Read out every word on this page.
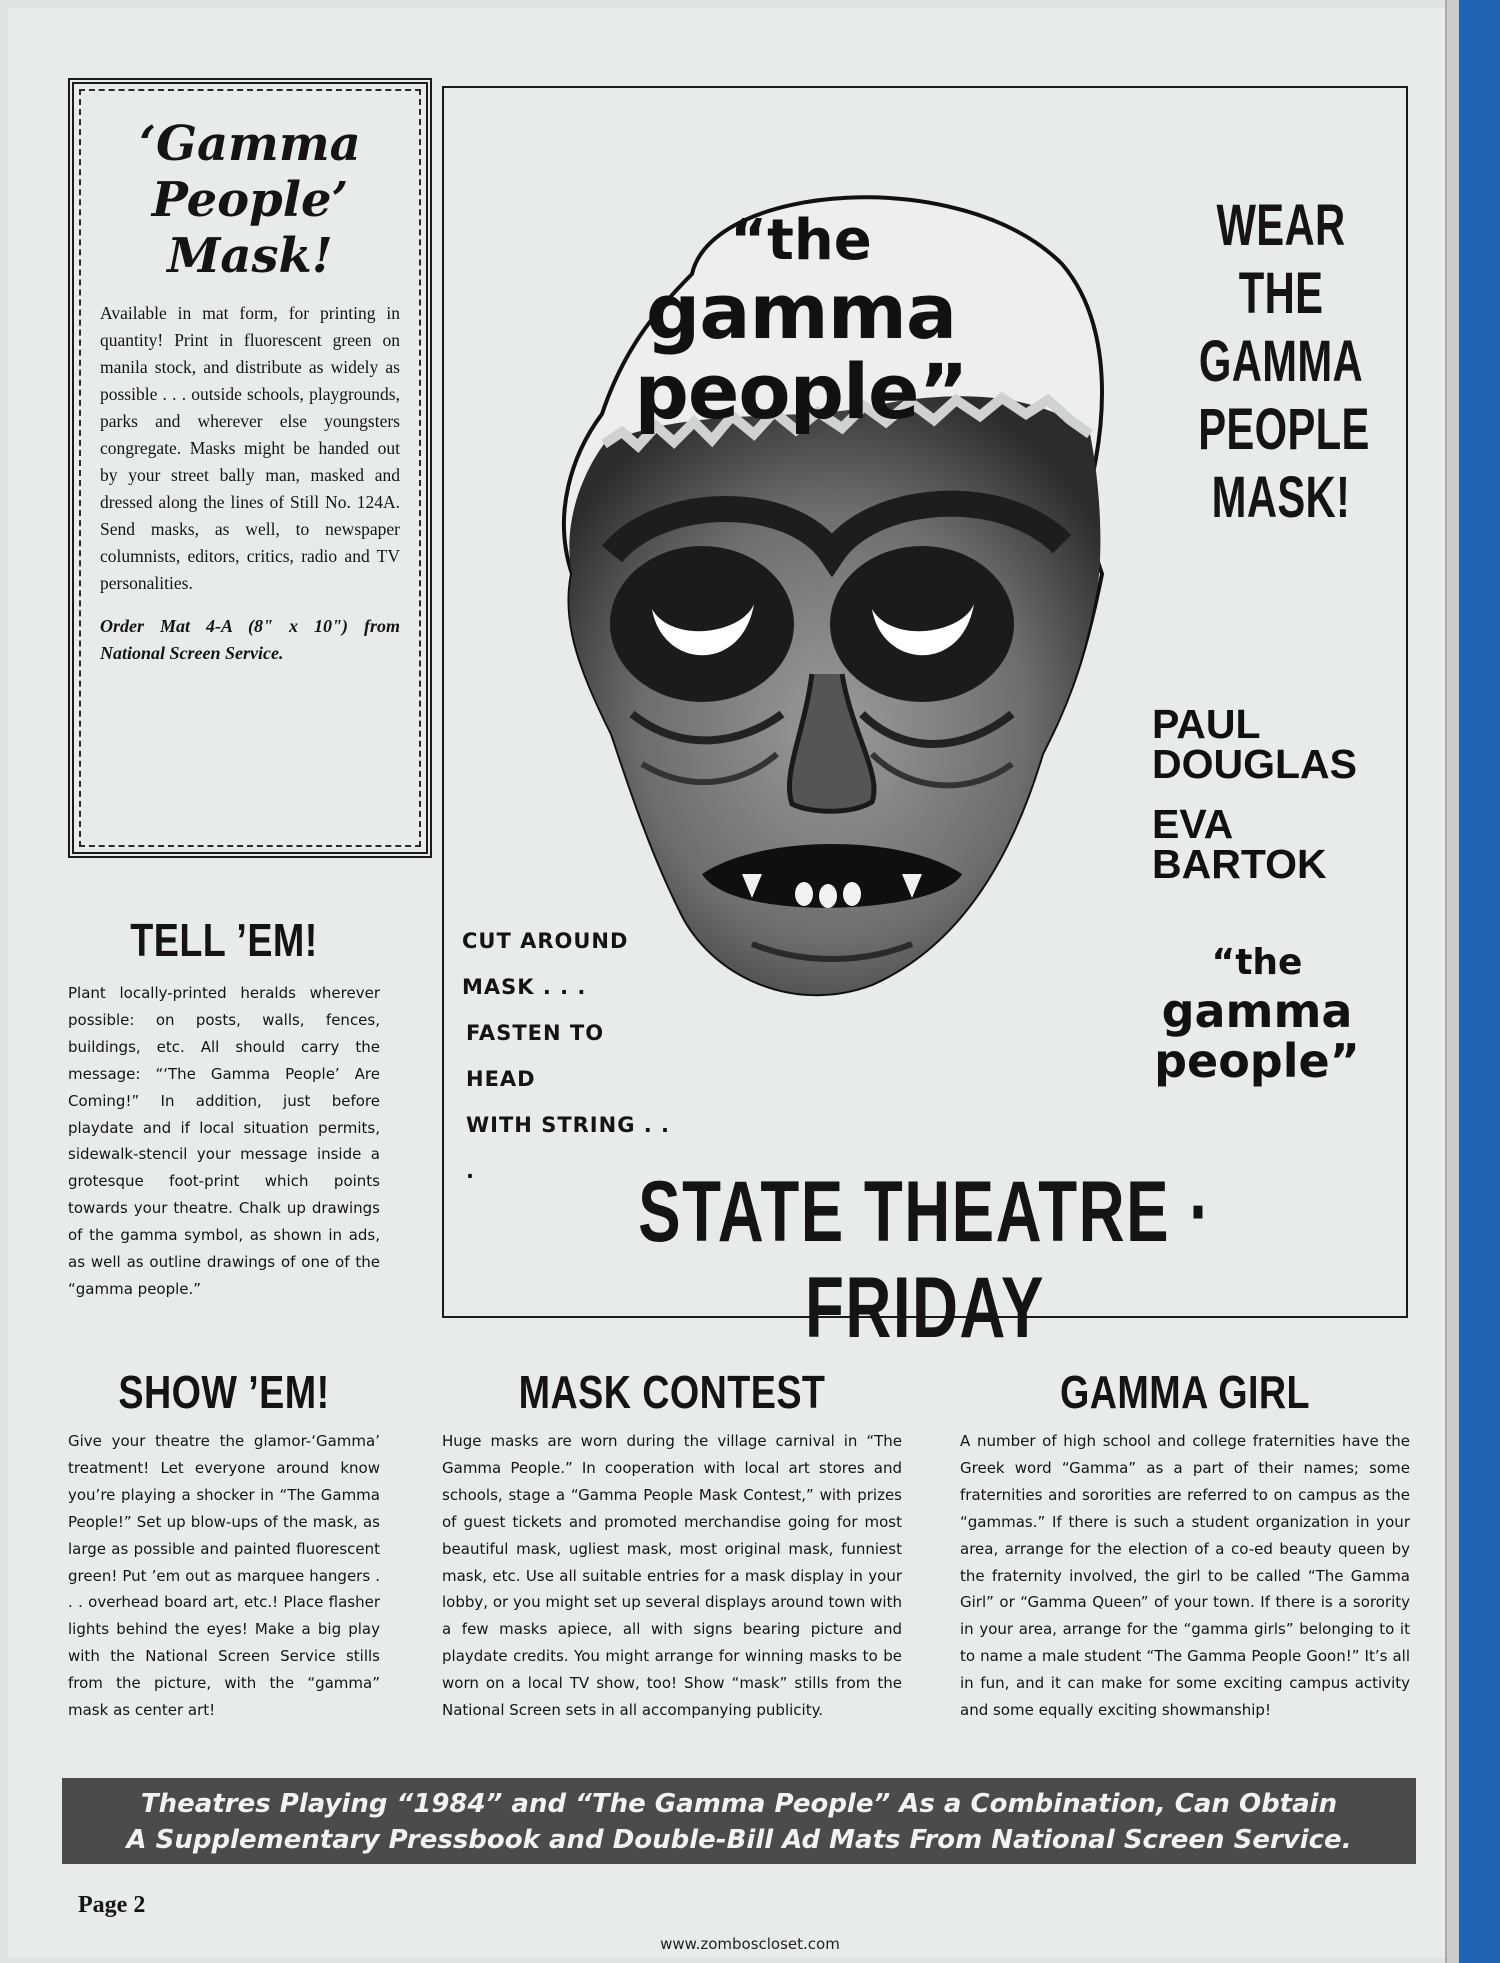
‘Gamma
People’
Mask!
Available in mat form, for printing in quantity! Print in fluorescent green on manila stock, and distribute as widely as possible . . . outside schools, playgrounds, parks and wherever else youngsters congregate. Masks might be handed out by your street bally man, masked and dressed along the lines of Still No. 124A. Send masks, as well, to newspaper columnists, editors, critics, radio and TV personalities.
Order Mat 4-A (8" x 10") from National Screen Service.
TELL ’EM!
Plant locally-printed heralds wherever possible: on posts, walls, fences, buildings, etc. All should carry the message: “‘The Gamma People’ Are Coming!” In addition, just before playdate and if local situation permits, sidewalk-stencil your message inside a grotesque foot-print which points towards your theatre. Chalk up drawings of the gamma symbol, as shown in ads, as well as outline drawings of one of the “gamma people.”
“the
gamma
people”
WEAR
THE
GAMMA
PEOPLE
MASK!
PAUL
DOUGLAS
EVA
BARTOK
“the
gamma
people”
CUT AROUND
MASK . . .
FASTEN TO
HEAD
WITH STRING . . .	STATE THEATRE · FRIDAY
SHOW ’EM!
Give your theatre the glamor-‘Gamma’ treatment! Let everyone around know you’re playing a shocker in “The Gamma People!” Set up blow-ups of the mask, as large as possible and painted fluorescent green! Put ’em out as marquee hangers . . . overhead board art, etc.! Place flasher lights behind the eyes! Make a big play with the National Screen Service stills from the picture, with the “gamma” mask as center art!
MASK CONTEST
Huge masks are worn during the village carnival in “The Gamma People.” In cooperation with local art stores and schools, stage a “Gamma People Mask Contest,” with prizes of guest tickets and promoted merchandise going for most beautiful mask, ugliest mask, most original mask, funniest mask, etc. Use all suitable entries for a mask display in your lobby, or you might set up several displays around town with a few masks apiece, all with signs bearing picture and playdate credits. You might arrange for winning masks to be worn on a local TV show, too! Show “mask” stills from the National Screen sets in all accompanying publicity.
GAMMA GIRL
A number of high school and college fraternities have the Greek word “Gamma” as a part of their names; some fraternities and sororities are referred to on campus as the “gammas.” If there is such a student organization in your area, arrange for the election of a co-ed beauty queen by the fraternity involved, the girl to be called “The Gamma Girl” or “Gamma Queen” of your town. If there is a sorority in your area, arrange for the “gamma girls” belonging to it to name a male student “The Gamma People Goon!” It’s all in fun, and it can make for some exciting campus activity and some equally exciting showmanship!
Theatres Playing “1984” and “The Gamma People” As a Combination, Can Obtain
A Supplementary Pressbook and Double-Bill Ad Mats From National Screen Service.
Page 2
www.zomboscloset.com
